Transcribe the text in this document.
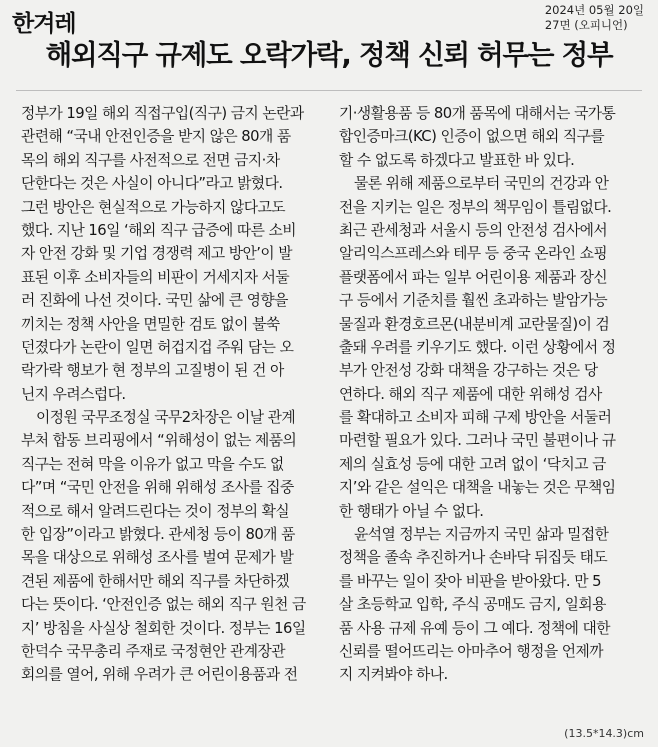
한겨레
2024년 05월 20일
27면 (오피니언)
해외직구 규제도 오락가락, 정책 신뢰 허무는 정부
정부가 19일 해외 직접구입(직구) 금지 논란과
관련해 “국내 안전인증을 받지 않은 80개 품
목의 해외 직구를 사전적으로 전면 금지·차
단한다는 것은 사실이 아니다”라고 밝혔다.
그런 방안은 현실적으로 가능하지 않다고도
했다. 지난 16일 ‘해외 직구 급증에 따른 소비
자 안전 강화 및 기업 경쟁력 제고 방안’이 발
표된 이후 소비자들의 비판이 거세지자 서둘
러 진화에 나선 것이다. 국민 삶에 큰 영향을
끼치는 정책 사안을 면밀한 검토 없이 불쑥
던졌다가 논란이 일면 허겁지겁 주워 담는 오
락가락 행보가 현 정부의 고질병이 된 건 아
닌지 우려스럽다.
이정원 국무조정실 국무2차장은 이날 관계
부처 합동 브리핑에서 “위해성이 없는 제품의
직구는 전혀 막을 이유가 없고 막을 수도 없
다”며 “국민 안전을 위해 위해성 조사를 집중
적으로 해서 알려드린다는 것이 정부의 확실
한 입장”이라고 밝혔다. 관세청 등이 80개 품
목을 대상으로 위해성 조사를 벌여 문제가 발
견된 제품에 한해서만 해외 직구를 차단하겠
다는 뜻이다. ‘안전인증 없는 해외 직구 원천 금
지’ 방침을 사실상 철회한 것이다. 정부는 16일
한덕수 국무총리 주재로 국정현안 관계장관
회의를 열어, 위해 우려가 큰 어린이용품과 전
기·생활용품 등 80개 품목에 대해서는 국가통
합인증마크(KC) 인증이 없으면 해외 직구를
할 수 없도록 하겠다고 발표한 바 있다.
물론 위해 제품으로부터 국민의 건강과 안
전을 지키는 일은 정부의 책무임이 틀림없다.
최근 관세청과 서울시 등의 안전성 검사에서
알리익스프레스와 테무 등 중국 온라인 쇼핑
플랫폼에서 파는 일부 어린이용 제품과 장신
구 등에서 기준치를 훨씬 초과하는 발암가능
물질과 환경호르몬(내분비계 교란물질)이 검
출돼 우려를 키우기도 했다. 이런 상황에서 정
부가 안전성 강화 대책을 강구하는 것은 당
연하다. 해외 직구 제품에 대한 위해성 검사
를 확대하고 소비자 피해 구제 방안을 서둘러
마련할 필요가 있다. 그러나 국민 불편이나 규
제의 실효성 등에 대한 고려 없이 ‘닥치고 금
지’와 같은 설익은 대책을 내놓는 것은 무책임
한 행태가 아닐 수 없다.
윤석열 정부는 지금까지 국민 삶과 밀접한
정책을 졸속 추진하거나 손바닥 뒤집듯 태도
를 바꾸는 일이 잦아 비판을 받아왔다. 만 5
살 초등학교 입학, 주식 공매도 금지, 일회용
품 사용 규제 유예 등이 그 예다. 정책에 대한
신뢰를 떨어뜨리는 아마추어 행정을 언제까
지 지켜봐야 하나.
(13.5*14.3)cm
